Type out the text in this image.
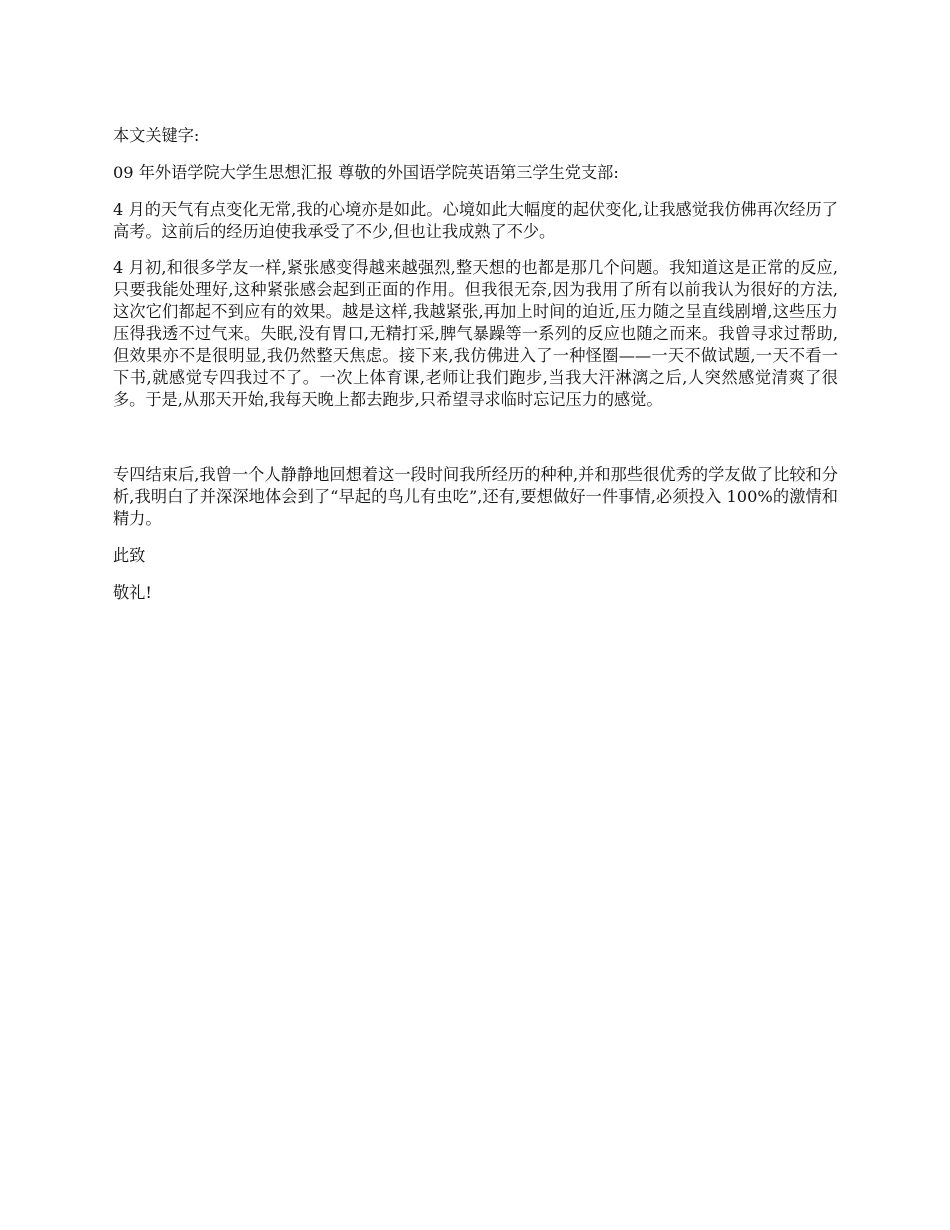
本文关键字:

09 年外语学院大学生思想汇报 尊敬的外国语学院英语第三学生党支部:

4 月的天气有点变化无常,我的心境亦是如此。心境如此大幅度的起伏变化,让我感觉我仿佛再次经历了高考。这前后的经历迫使我承受了不少,但也让我成熟了不少。

4 月初,和很多学友一样,紧张感变得越来越强烈,整天想的也都是那几个问题。我知道这是正常的反应,只要我能处理好,这种紧张感会起到正面的作用。但我很无奈,因为我用了所有以前我认为很好的方法,这次它们都起不到应有的效果。越是这样,我越紧张,再加上时间的迫近,压力随之呈直线剧增,这些压力压得我透不过气来。失眠,没有胃口,无精打采,脾气暴躁等一系列的反应也随之而来。我曾寻求过帮助,但效果亦不是很明显,我仍然整天焦虑。接下来,我仿佛进入了一种怪圈——一天不做试题,一天不看一下书,就感觉专四我过不了。一次上体育课,老师让我们跑步,当我大汗淋漓之后,人突然感觉清爽了很多。于是,从那天开始,我每天晚上都去跑步,只希望寻求临时忘记压力的感觉。

专四结束后,我曾一个人静静地回想着这一段时间我所经历的种种,并和那些很优秀的学友做了比较和分析,我明白了并深深地体会到了“早起的鸟儿有虫吃”,还有,要想做好一件事情,必须投入 100%的激情和精力。

此致

敬礼!
